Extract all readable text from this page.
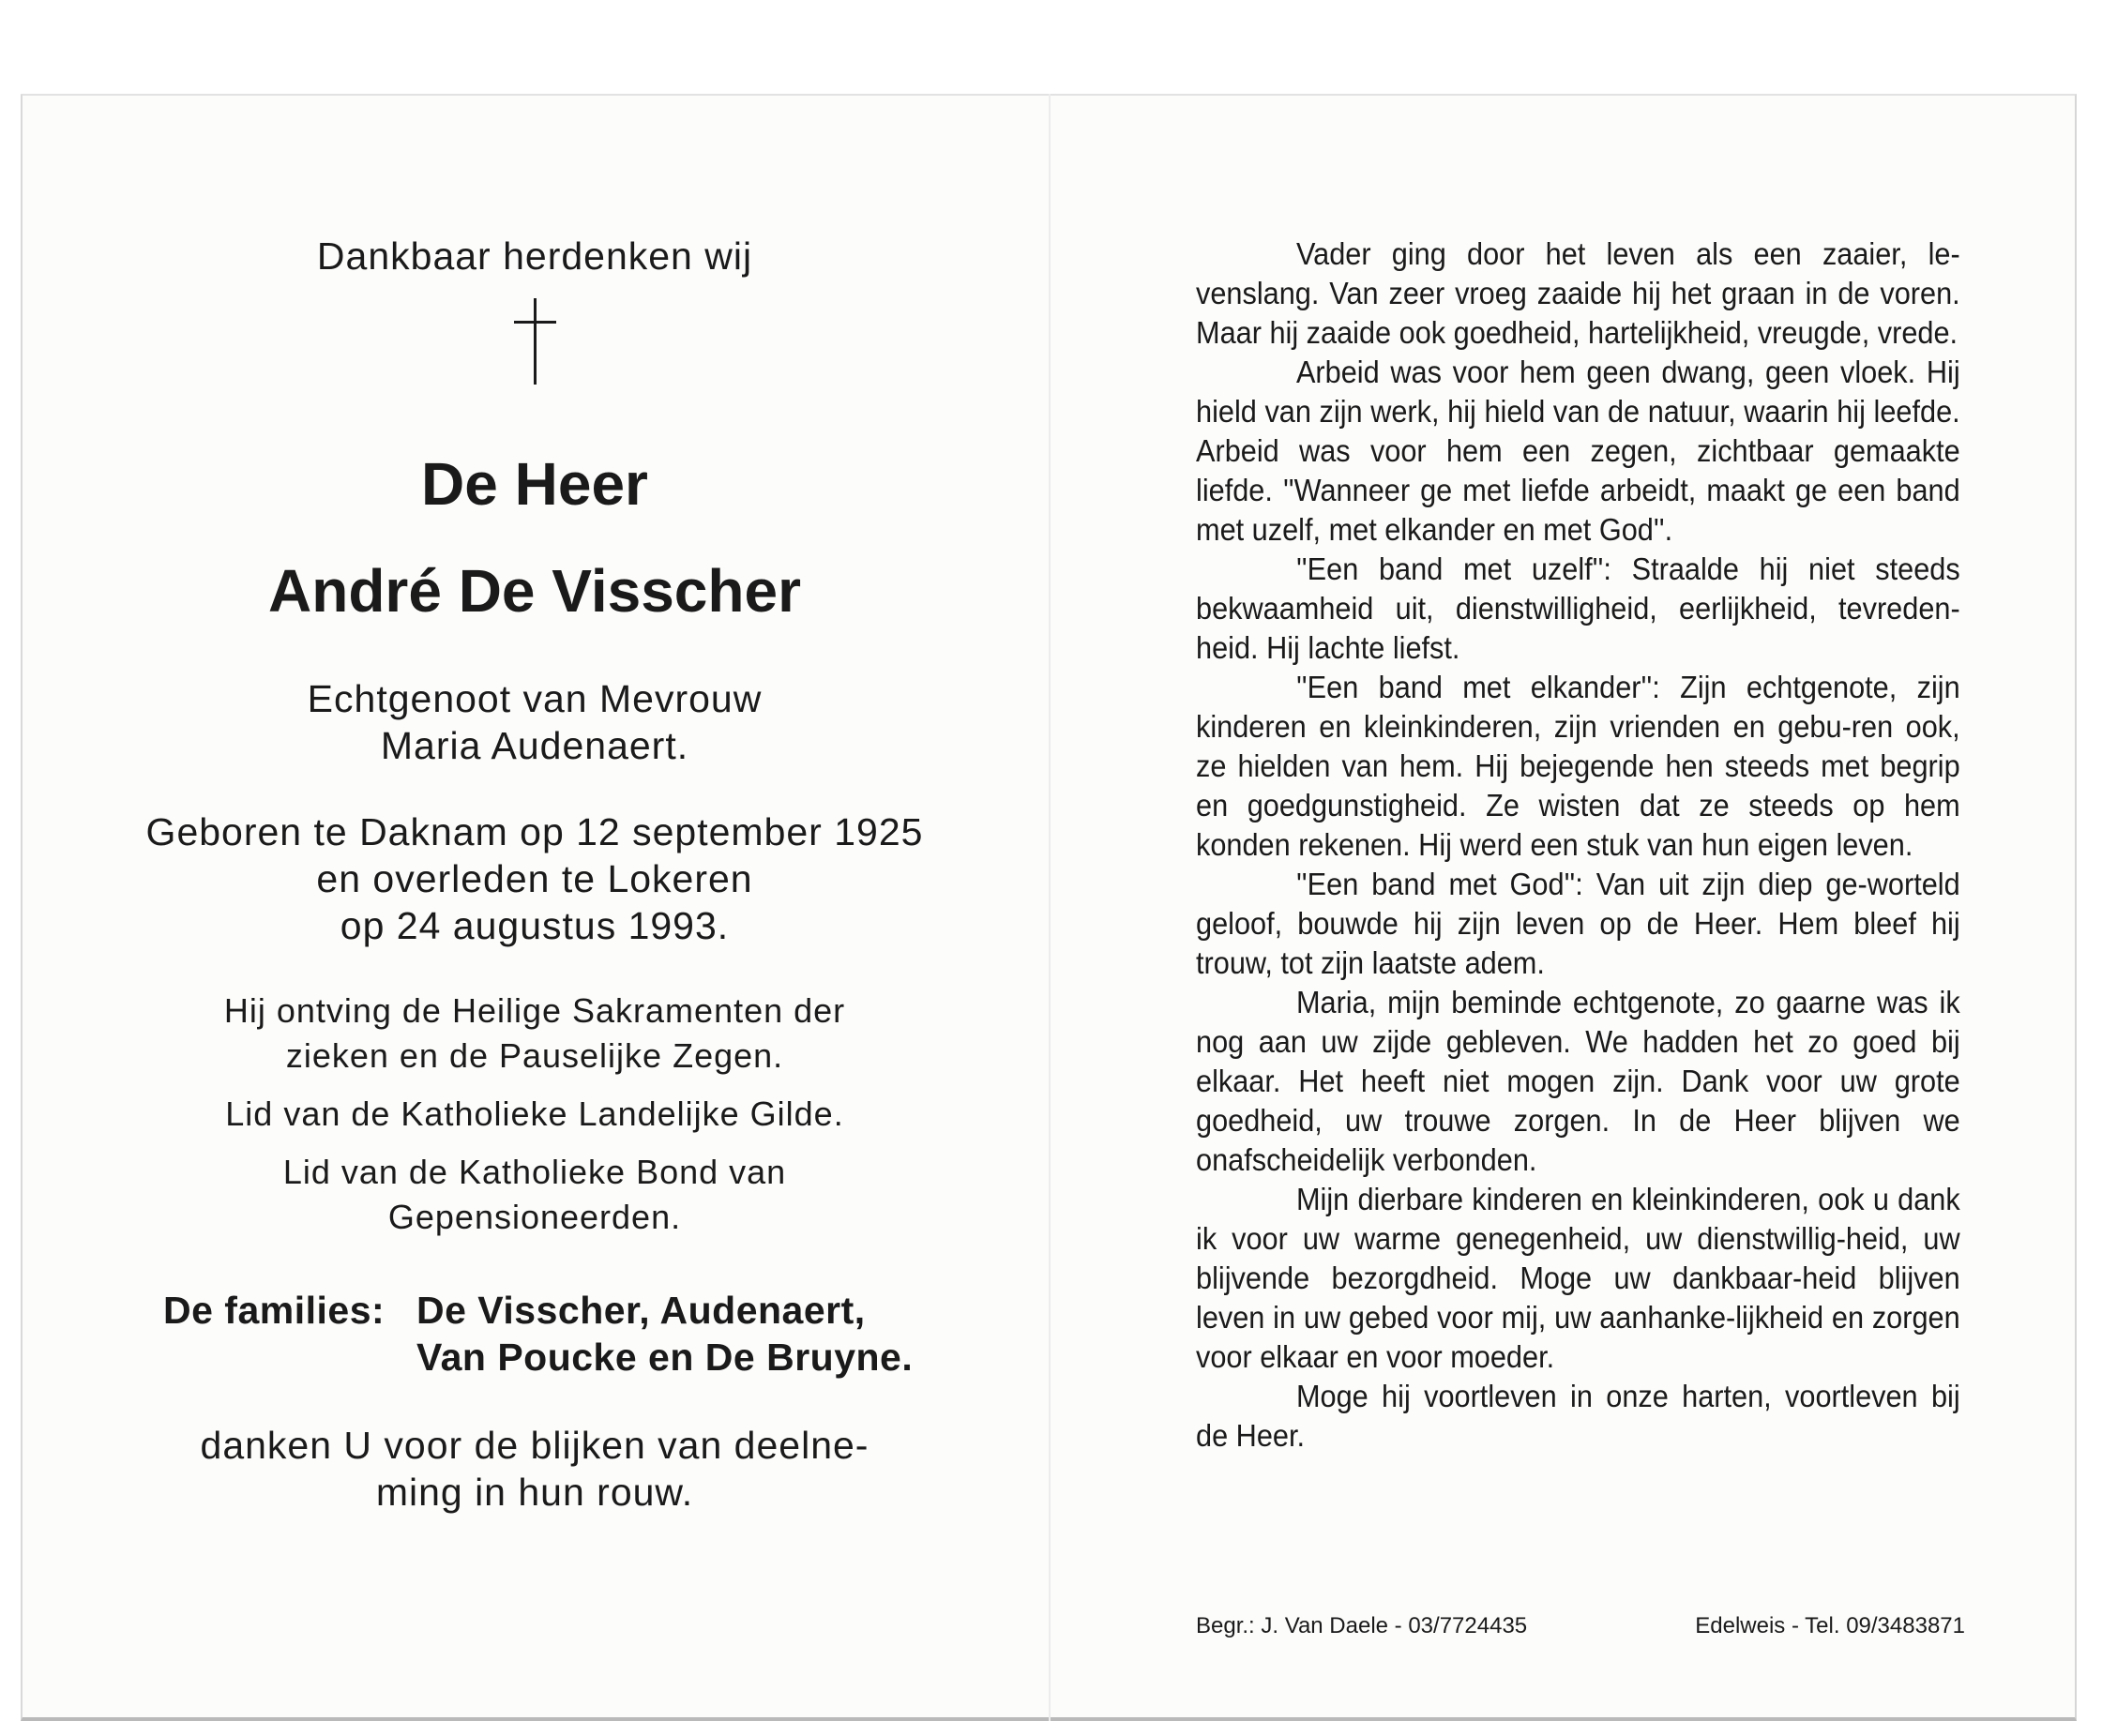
Dankbaar herdenken wij
De Heer
André De Visscher
Echtgenoot van Mevrouw
Maria Audenaert.
Geboren te Daknam op 12 september 1925
en overleden te Lokeren
op 24 augustus 1993.
Hij ontving de Heilige Sakramenten der
zieken en de Pauselijke Zegen.
Lid van de Katholieke Landelijke Gilde.
Lid van de Katholieke Bond van
Gepensioneerden.
De families: De Visscher, Audenaert,
Van Poucke en De Bruyne.
danken U voor de blijken van deelne-
ming in hun rouw.

Vader ging door het leven als een zaaier, le-venslang. Van zeer vroeg zaaide hij het graan in de voren. Maar hij zaaide ook goedheid, hartelijkheid, vreugde, vrede.

Arbeid was voor hem geen dwang, geen vloek. Hij hield van zijn werk, hij hield van de natuur, waarin hij leefde. Arbeid was voor hem een zegen, zichtbaar gemaakte liefde. ''Wanneer ge met liefde arbeidt, maakt ge een band met uzelf, met elkander en met God''.

''Een band met uzelf'': Straalde hij niet steeds bekwaamheid uit, dienstwilligheid, eerlijkheid, tevreden-heid. Hij lachte liefst.

''Een band met elkander'': Zijn echtgenote, zijn kinderen en kleinkinderen, zijn vrienden en gebu-ren ook, ze hielden van hem. Hij bejegende hen steeds met begrip en goedgunstigheid. Ze wisten dat ze steeds op hem konden rekenen. Hij werd een stuk van hun eigen leven.

''Een band met God'': Van uit zijn diep ge-worteld geloof, bouwde hij zijn leven op de Heer. Hem bleef hij trouw, tot zijn laatste adem.

Maria, mijn beminde echtgenote, zo gaarne was ik nog aan uw zijde gebleven. We hadden het zo goed bij elkaar. Het heeft niet mogen zijn. Dank voor uw grote goedheid, uw trouwe zorgen. In de Heer blijven we onafscheidelijk verbonden.

Mijn dierbare kinderen en kleinkinderen, ook u dank ik voor uw warme genegenheid, uw dienstwillig-heid, uw blijvende bezorgdheid. Moge uw dankbaar-heid blijven leven in uw gebed voor mij, uw aanhanke-lijkheid en zorgen voor elkaar en voor moeder.

Moge hij voortleven in onze harten, voortleven bij de Heer.

Begr.: J. Van Daele - 03/7724435	Edelweis - Tel. 09/3483871
